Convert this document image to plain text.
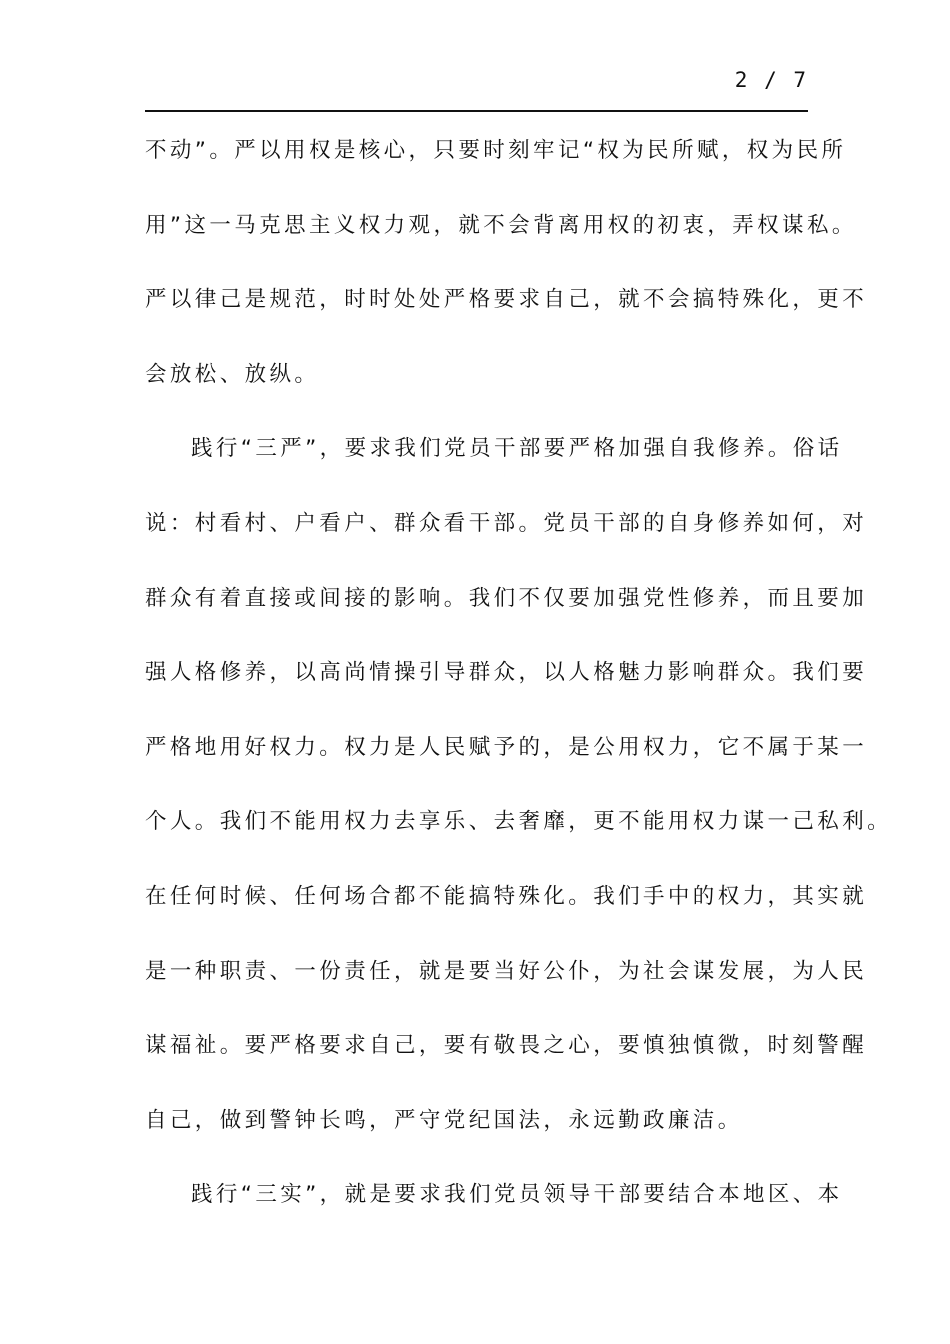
2 / 7
不动”。严以用权是核心，只要时刻牢记“权为民所赋，权为民所
用”这一马克思主义权力观，就不会背离用权的初衷，弄权谋私。
严以律己是规范，时时处处严格要求自己，就不会搞特殊化，更不
会放松、放纵。
践行“三严”，要求我们党员干部要严格加强自我修养。俗话
说：村看村、户看户、群众看干部。党员干部的自身修养如何，对
群众有着直接或间接的影响。我们不仅要加强党性修养，而且要加
强人格修养，以高尚情操引导群众，以人格魅力影响群众。我们要
严格地用好权力。权力是人民赋予的，是公用权力，它不属于某一
个人。我们不能用权力去享乐、去奢靡，更不能用权力谋一己私利。
在任何时候、任何场合都不能搞特殊化。我们手中的权力，其实就
是一种职责、一份责任，就是要当好公仆，为社会谋发展，为人民
谋福祉。要严格要求自己，要有敬畏之心，要慎独慎微，时刻警醒
自己，做到警钟长鸣，严守党纪国法，永远勤政廉洁。
践行“三实”，就是要求我们党员领导干部要结合本地区、本
